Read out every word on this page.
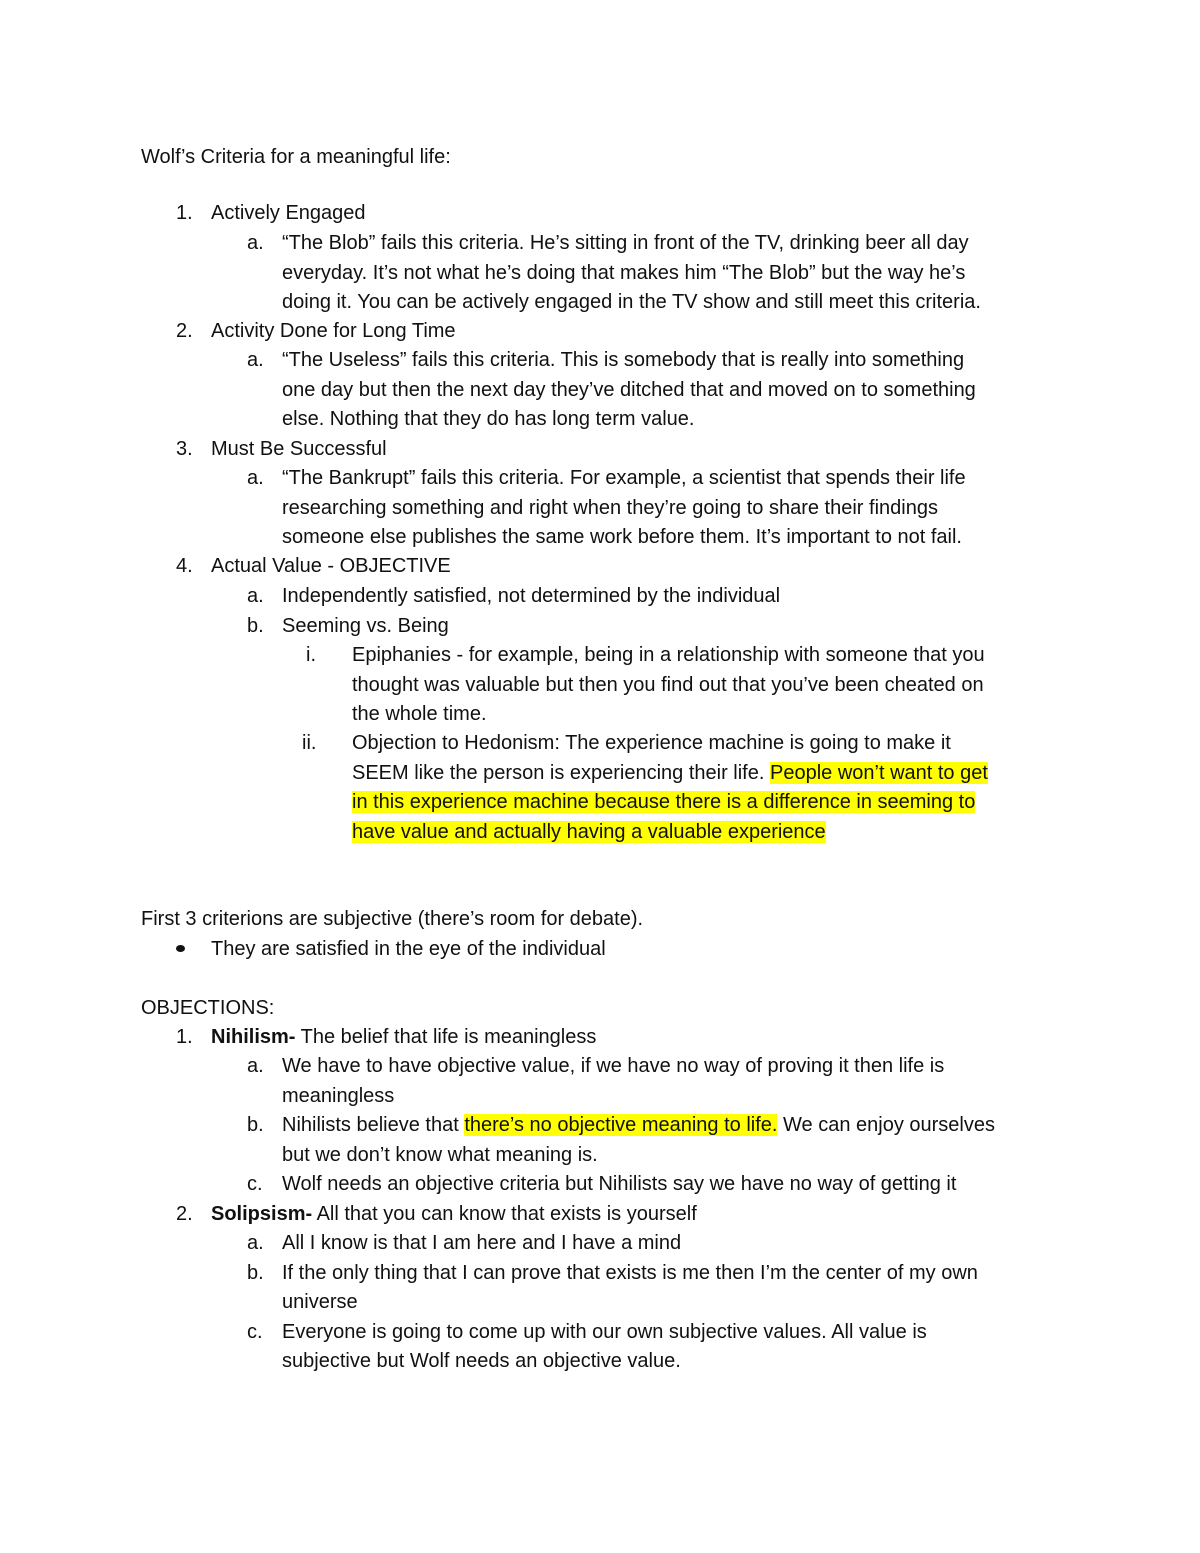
Wolf’s Criteria for a meaningful life:
1. Actively Engaged
a. “The Blob” fails this criteria. He’s sitting in front of the TV, drinking beer all day
everyday. It’s not what he’s doing that makes him “The Blob” but the way he’s
doing it. You can be actively engaged in the TV show and still meet this criteria.
2. Activity Done for Long Time
a. “The Useless” fails this criteria. This is somebody that is really into something
one day but then the next day they’ve ditched that and moved on to something
else. Nothing that they do has long term value.
3. Must Be Successful
a. “The Bankrupt” fails this criteria. For example, a scientist that spends their life
researching something and right when they’re going to share their findings
someone else publishes the same work before them. It’s important to not fail.
4. Actual Value - OBJECTIVE
a. Independently satisfied, not determined by the individual
b. Seeming vs. Being
i. Epiphanies - for example, being in a relationship with someone that you
thought was valuable but then you find out that you’ve been cheated on
the whole time.
ii. Objection to Hedonism: The experience machine is going to make it
SEEM like the person is experiencing their life. People won’t want to get
in this experience machine because there is a difference in seeming to
have value and actually having a valuable experience
First 3 criterions are subjective (there’s room for debate).
They are satisfied in the eye of the individual
OBJECTIONS:
1. Nihilism- The belief that life is meaningless
a. We have to have objective value, if we have no way of proving it then life is
meaningless
b. Nihilists believe that there’s no objective meaning to life. We can enjoy ourselves
but we don’t know what meaning is.
c. Wolf needs an objective criteria but Nihilists say we have no way of getting it
2. Solipsism- All that you can know that exists is yourself
a. All I know is that I am here and I have a mind
b. If the only thing that I can prove that exists is me then I’m the center of my own
universe
c. Everyone is going to come up with our own subjective values. All value is
subjective but Wolf needs an objective value.
